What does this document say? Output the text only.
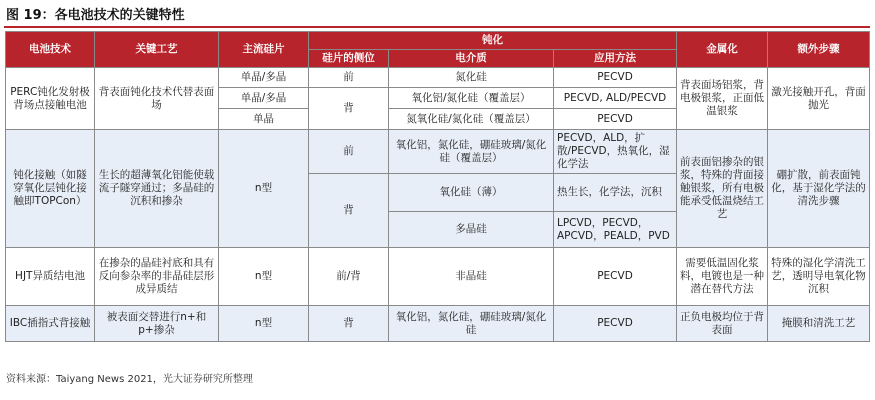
图 19：各电池技术的关键特性
电池技术	关键工艺	主流硅片	钝化			金属化	额外步骤
			硅片的侧位	电介质	应用方法		
PERC钝化发射极背场点接触电池	背表面钝化技术代替表面场	单晶/多晶	前	氮化硅	PECVD	背表面场铝浆，背电极银浆，正面低温银浆	激光接触开孔，背面抛光
		单晶/多晶	背	氧化铝/氮化硅（覆盖层）	PECVD, ALD/PECVD		
		单晶		氮氧化硅/氮化硅（覆盖层）	PECVD		
钝化接触（如隧穿氧化层钝化接触即TOPCon）	生长的超薄氧化铝能使载流子隧穿通过；多晶硅的沉积和掺杂	n型	前	氧化铝，氮化硅，硼硅玻璃/氮化硅（覆盖层）	PECVD，ALD，扩散/PECVD，热氧化，湿化学法	前表面铝掺杂的银浆，特殊的背面接触银浆，所有电极能承受低温烧结工艺	硼扩散，前表面钝化，基于湿化学法的清洗步骤
			背	氧化硅（薄）	热生长，化学法，沉积		
				多晶硅	LPCVD，PECVD，APCVD，PEALD，PVD		
HJT异质结电池	在掺杂的晶硅衬底和具有反向参杂率的非晶硅层形成异质结	n型	前/背	非晶硅	PECVD	需要低温固化浆料，电镀也是一种潜在替代方法	特殊的湿化学清洗工艺，透明导电氧化物沉积
IBC插指式背接触	被表面交替进行n+和p+掺杂	n型	背	氧化铝，氮化硅，硼硅玻璃/氮化硅	PECVD	正负电极均位于背表面	掩膜和清洗工艺
资料来源：Taiyang News 2021，光大证券研究所整理
